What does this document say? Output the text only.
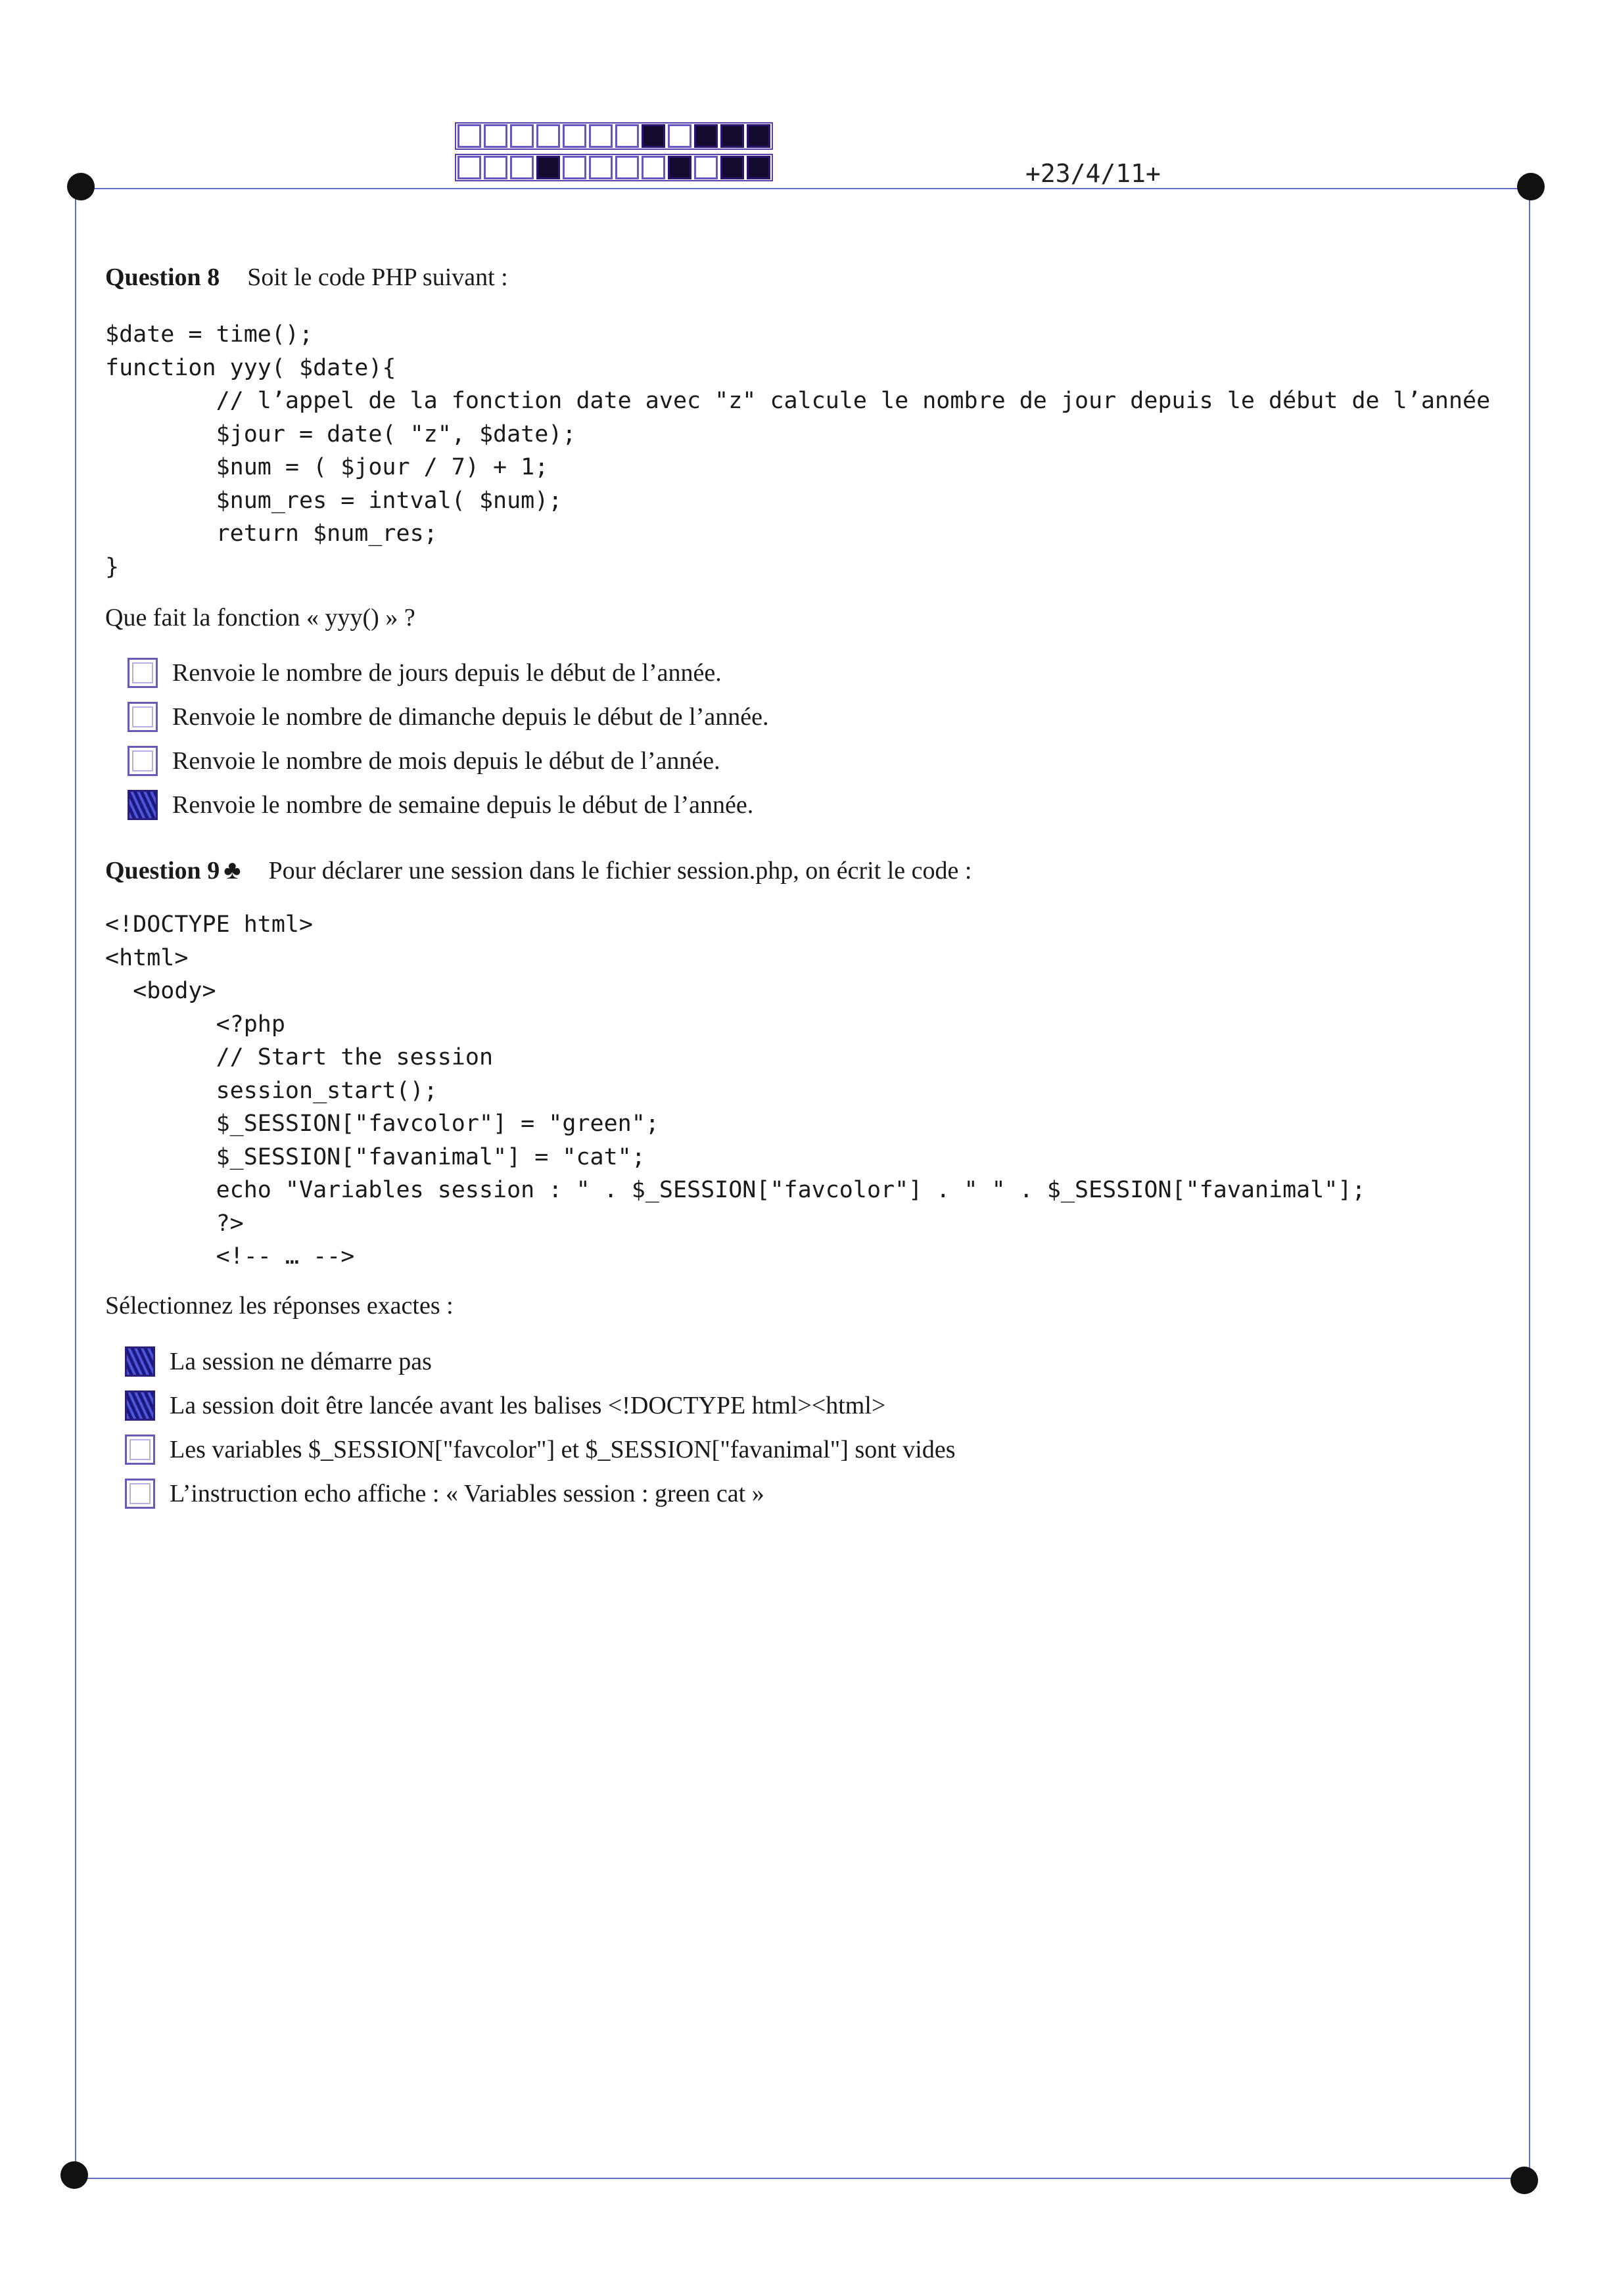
+23/4/11+
Question 8 Soit le code PHP suivant :
$date = time();
function yyy( $date){
// l’appel de la fonction date avec "z" calcule le nombre de jour depuis le début de l’année
$jour = date( "z", $date);
$num = ( $jour / 7) + 1;
$num_res = intval( $num);
return $num_res;
}
Que fait la fonction « yyy() » ?
Renvoie le nombre de jours depuis le début de l’année.
Renvoie le nombre de dimanche depuis le début de l’année.
Renvoie le nombre de mois depuis le début de l’année.
Renvoie le nombre de semaine depuis le début de l’année.
Question 9 ♣ Pour déclarer une session dans le fichier session.php, on écrit le code :
<!DOCTYPE html>
<html>
<body>
<?php
// Start the session
session_start();
$_SESSION["favcolor"] = "green";
$_SESSION["favanimal"] = "cat";
echo "Variables session : " . $_SESSION["favcolor"] . " " . $_SESSION["favanimal"];
?>
<!-- … -->
Sélectionnez les réponses exactes :
La session ne démarre pas
La session doit être lancée avant les balises <!DOCTYPE html><html>
Les variables $_SESSION["favcolor"] et $_SESSION["favanimal"] sont vides
L’instruction echo affiche : « Variables session : green cat »
